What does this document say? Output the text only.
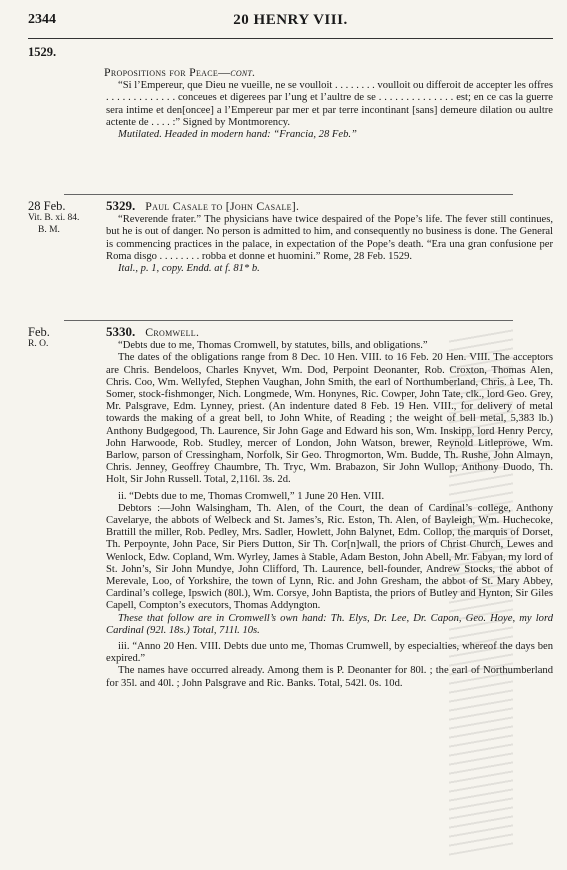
2344	20 HENRY VIII.
1529.
Propositions for Peace—cont.

“Si l’Empereur, que Dieu ne vueille, ne se voulloit . . . . . . . . voulloit ou differoit de accepter les offres . . . . . . . . . . . . . conceues et digerees par l’ung et l’aultre de se . . . . . . . . . . . . . . est; en ce cas la guerre sera intime et den[oncee] a l’Empereur par mer et par terre incontinant [sans] demeure dilation ou aultre actente de . . . . :” Signed by Montmorency.

Mutilated. Headed in modern hand: “Francia, 28 Feb.”

28 Feb.
Vit. B. xi. 84.
B. M.
5329. Paul Casale to [John Casale].

“Reverende frater.” The physicians have twice despaired of the Pope’s life. The fever still continues, but he is out of danger. No person is admitted to him, and consequently no business is done. The General is commencing practices in the palace, in expectation of the Pope’s death. “Era una gran confusione per Roma disgo . . . . . . . . robba et donne et huomini.” Rome, 28 Feb. 1529.

Ital., p. 1, copy. Endd. at f. 81* b.

Feb.
R. O.
5330. Cromwell.

“Debts due to me, Thomas Cromwell, by statutes, bills, and obligations.”

The dates of the obligations range from 8 Dec. 10 Hen. VIII. to 16 Feb. 20 Hen. VIII. The acceptors are Chris. Bendeloos, Charles Knyvet, Wm. Dod, Perpoint Deonanter, Rob. Croxton, Thomas Alen, Chris. Coo, Wm. Wellyfed, Stephen Vaughan, John Smith, the earl of Northumberland, Chris. à Lee, Th. Somer, stock-fishmonger, Nich. Longmede, Wm. Honynes, Ric. Cowper, John Tate, clk., lord Geo. Grey, Mr. Palsgrave, Edm. Lynney, priest. (An indenture dated 8 Feb. 19 Hen. VIII., for delivery of metal towards the making of a great bell, to John White, of Reading ; the weight of bell metal, 5,383 lb.) Anthony Budgegood, Th. Laurence, Sir John Gage and Edward his son, Wm. Inskipp, lord Henry Percy, John Harwoode, Rob. Studley, mercer of London, John Watson, brewer, Reynold Litleprowe, Wm. Barlow, parson of Cressingham, Norfolk, Sir Geo. Throgmorton, Wm. Budde, Th. Rushe, John Almayn, Chris. Jenney, Geoffrey Chaumbre, Th. Tryc, Wm. Brabazon, Sir John Wullop, Anthony Duodo, Th. Holt, Sir John Russell. Total, 2,116l. 3s. 2d.

ii. “Debts due to me, Thomas Cromwell,” 1 June 20 Hen. VIII.

Debtors :—John Walsingham, Th. Alen, of the Court, the dean of Cardinal’s college, Anthony Cavelarye, the abbots of Welbeck and St. James’s, Ric. Eston, Th. Alen, of Bayleigh, Wm. Huchecoke, Brattill the miller, Rob. Pedley, Mrs. Sadler, Howlett, John Balynet, Edm. Collop, the marquis of Dorset, Th. Perpoynte, John Pace, Sir Piers Dutton, Sir Th. Cor[n]wall, the priors of Christ Church, Lewes and Wenlock, Edw. Copland, Wm. Wyrley, James à Stable, Adam Beston, John Abell, Mr. Fabyan, my lord of St. John’s, Sir John Mundye, John Clifford, Th. Laurence, bell-founder, Andrew Stocks, the abbot of Merevale, Loo, of Yorkshire, the town of Lynn, Ric. and John Gresham, the abbot of St. Mary Abbey, Cardinal’s college, Ipswich (80l.), Wm. Corsye, John Baptista, the priors of Butley and Hynton, Sir Giles Capell, Compton’s executors, Thomas Addyngton.

These that follow are in Cromwell’s own hand: Th. Elys, Dr. Lee, Dr. Capon, Geo. Hoye, my lord Cardinal (92l. 18s.) Total, 711l. 10s.

iii. “Anno 20 Hen. VIII. Debts due unto me, Thomas Crumwell, by especialties, whereof the days ben expired.”

The names have occurred already. Among them is P. Deonanter for 80l. ; the earl of Northumberland for 35l. and 40l. ; John Palsgrave and Ric. Banks. Total, 542l. 0s. 10d.
